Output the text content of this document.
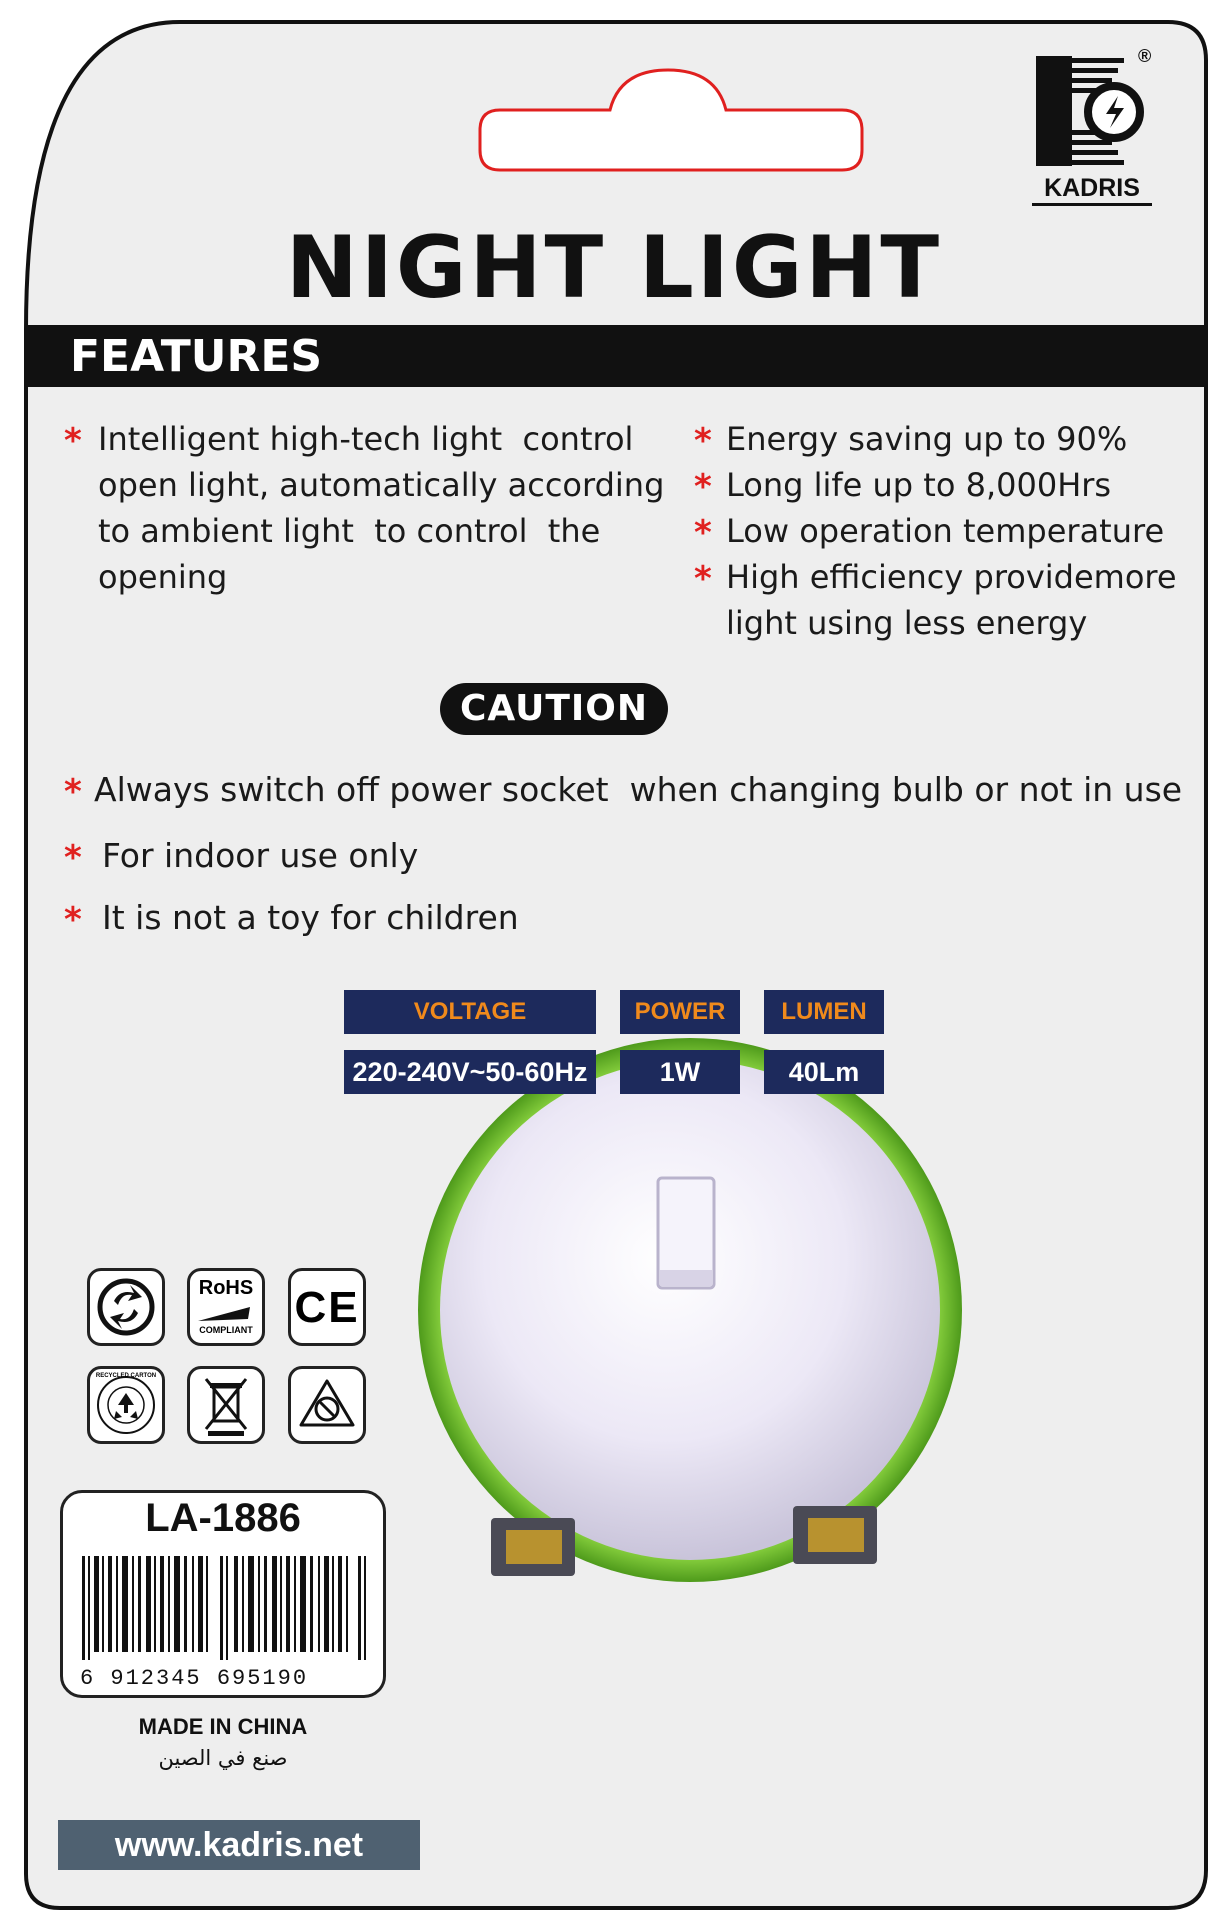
®
KADRIS
NIGHT LIGHT
FEATURES
* Intelligent high-tech light  control
open light, automatically according
to ambient light  to control  the
opening
* Energy saving up to 90%
* Long life up to 8,000Hrs
* Low operation temperature
* High efficiency providemore
light using less energy
CAUTION
* Always switch off power socket  when changing bulb or not in use
* For indoor use only
* It is not a toy for children
VOLTAGE	POWER	LUMEN
220-240V~50-60Hz	1W	40Lm
RoHS
COMPLIANT CE
RECYCLED CARTON
LA-1886
6 912345 695190
MADE IN CHINA
صنع في الصين
www.kadris.net
